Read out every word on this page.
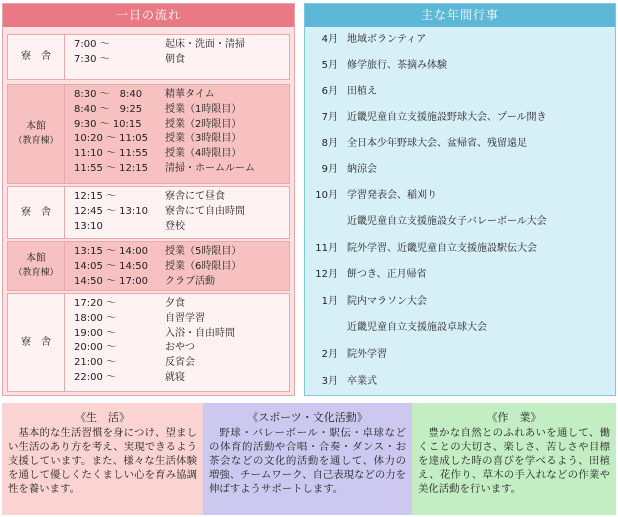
一日の流れ
寮　舎
7:00 ～	起床・洗面・清掃
7:30 ～	朝食
本館
（教育棟）
8:30 ～　8:40	精華タイム
8:40 ～　9:25	授業（1時限目）
9:30 ～ 10:15	授業（2時限目）
10:20 ～ 11:05	授業（3時限目）
11:10 ～ 11:55	授業（4時限目）
11:55 ～ 12:15	清掃・ホームルーム
寮　舎
12:15 ～	寮舎にて昼食
12:45 ～ 13:10	寮舎にて自由時間
13:10	登校
本館
（教育棟）
13:15 ～ 14:00	授業（5時限目）
14:05 ～ 14:50	授業（6時限目）
14:50 ～ 17:00	クラブ活動
寮　舎
17:20 ～	夕食
18:00 ～	自習学習
19:00 ～	入浴・自由時間
20:00 ～	おやつ
21:00 ～	反省会
22:00 ～	就寝
主な年間行事
4月 地域ボランティア
5月 修学旅行、茶摘み体験
6月 田植え
7月 近畿児童自立支援施設野球大会、プール開き
8月 全日本少年野球大会、盆帰省、残留遠足
9月 納涼会
10月 学習発表会、稲刈り
近畿児童自立支援施設女子バレーボール大会
11月 院外学習、近畿児童自立支援施設駅伝大会
12月 餅つき、正月帰省
1月 院内マラソン大会
近畿児童自立支援施設卓球大会
2月 院外学習
3月 卒業式
《生　活》
基本的な生活習慣を身につけ、望ましい生活のあり方を考え、実現できるよう支援しています。また、様々な生活体験を通して優しくたくましい心を育み協調性を養います。
《スポーツ・文化活動》
野球・バレーボール・駅伝・卓球などの体育的活動や合唱・合奏・ダンス・お茶会などの文化的活動を通して、体力の増強、チームワーク、自己表現などの力を伸ばすようサポートします。
《作　業》
豊かな自然とのふれあいを通して、働くことの大切さ、楽しさ、苦しさや目標を達成した時の喜びを学べるよう、田植え、花作り、草木の手入れなどの作業や美化活動を行います。
